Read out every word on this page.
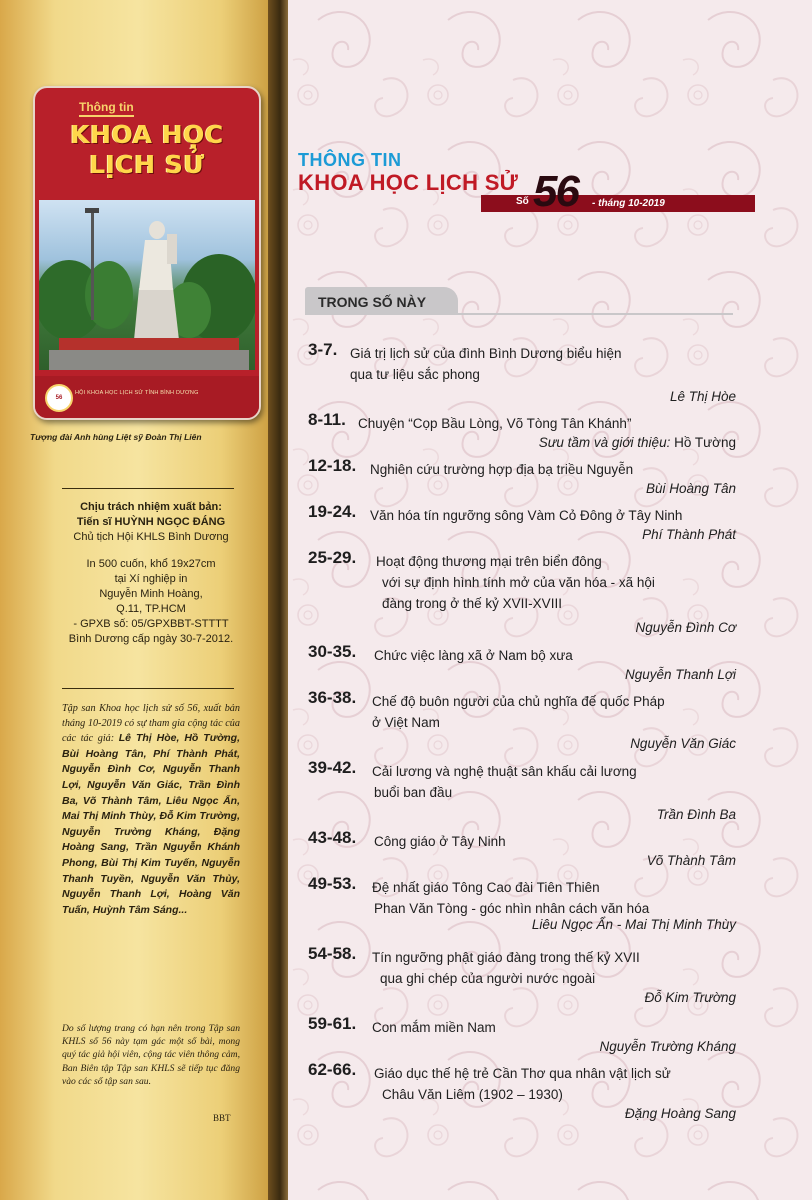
Thông tin
KHOA HỌC
LỊCH SỬ
56
HỘI KHOA HỌC LỊCH SỬ TỈNH BÌNH DƯƠNG
Tượng đài Anh hùng Liệt sỹ Đoàn Thị Liên
Chịu trách nhiệm xuất bản:
Tiến sĩ HUỲNH NGỌC ĐÁNG
Chủ tịch Hội KHLS Bình Dương
In 500 cuốn, khổ 19x27cm
tại Xí nghiệp in
Nguyễn Minh Hoàng,
Q.11, TP.HCM
- GPXB số: 05/GPXBBT-STTTT
Bình Dương cấp ngày 30-7-2012.
Tập san Khoa học lịch sử số 56, xuất bản tháng 10-2019 có sự tham gia cộng tác của các tác giả: Lê Thị Hòe, Hồ Tường, Bùi Hoàng Tân, Phí Thành Phát, Nguyễn Đình Cơ, Nguyễn Thanh Lợi, Nguyễn Văn Giác, Trần Đình Ba, Võ Thành Tâm, Liêu Ngọc Ẩn, Mai Thị Minh Thùy, Đỗ Kim Trường, Nguyễn Trường Kháng, Đặng Hoàng Sang, Trần Nguyễn Khánh Phong, Bùi Thị Kim Tuyến, Nguyễn Thanh Tuyền, Nguyễn Văn Thủy, Nguyễn Thanh Lợi, Hoàng Văn Tuấn, Huỳnh Tâm Sáng...
Do số lượng trang có hạn nên trong Tập san KHLS số 56 này tạm gác một số bài, mong quý tác giả hội viên, cộng tác viên thông cảm, Ban Biên tập Tập san KHLS sẽ tiếp tục đăng vào các số tập san sau.
BBT
THÔNG TIN
KHOA HỌC LỊCH SỬ
Số 56 - tháng 10-2019
TRONG SỐ NÀY
3-7. Giá trị lịch sử của đình Bình Dương biểu hiện
qua tư liệu sắc phong
Lê Thị Hòe
8-11. Chuyện “Cọp Bầu Lòng, Võ Tòng Tân Khánh”
Sưu tầm và giới thiệu: Hồ Tường
12-18. Nghiên cứu trường hợp địa bạ triều Nguyễn
Bùi Hoàng Tân
19-24. Văn hóa tín ngưỡng sông Vàm Cỏ Đông ở Tây Ninh
Phí Thành Phát
25-29. Hoạt động thương mại trên biển đông
với sự định hình tính mở của văn hóa - xã hội
đàng trong ở thế kỷ XVII-XVIII
Nguyễn Đình Cơ
30-35. Chức việc làng xã ở Nam bộ xưa
Nguyễn Thanh Lợi
36-38. Chế độ buôn người của chủ nghĩa đế quốc Pháp
ở Việt Nam
Nguyễn Văn Giác
39-42. Cải lương và nghệ thuật sân khấu cải lương
buổi ban đầu
Trần Đình Ba
43-48. Công giáo ở Tây Ninh
Võ Thành Tâm
49-53. Đệ nhất giáo Tông Cao đài Tiên Thiên
Phan Văn Tòng - góc nhìn nhân cách văn hóa
Liêu Ngọc Ẩn - Mai Thị Minh Thùy
54-58. Tín ngưỡng phật giáo đàng trong thế kỷ XVII
qua ghi chép của người nước ngoài
Đỗ Kim Trường
59-61. Con mắm miền Nam
Nguyễn Trường Kháng
62-66. Giáo dục thế hệ trẻ Cần Thơ qua nhân vật lịch sử
Châu Văn Liêm (1902 – 1930)
Đặng Hoàng Sang
